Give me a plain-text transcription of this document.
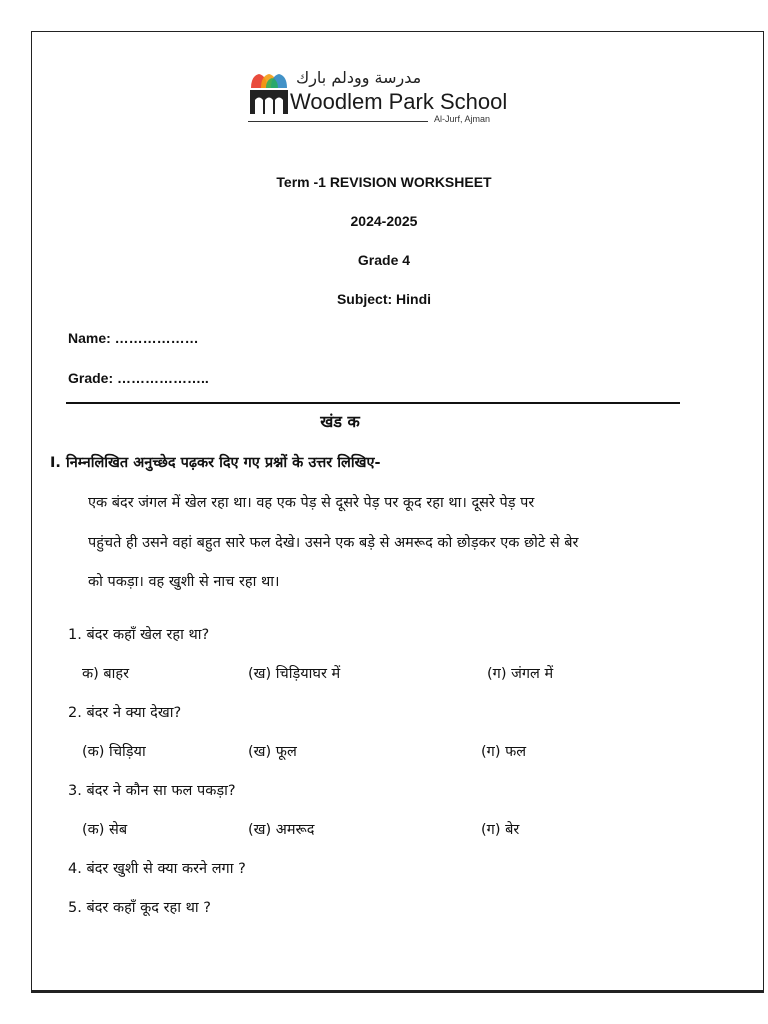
مدرسة وودلم بارك
Woodlem Park School
Al-Jurf, Ajman
Term -1 REVISION WORKSHEET
2024-2025
Grade 4
Subject: Hindi
Name: ………………
Grade: ………………..
खंड क
I. निम्नलिखित अनुच्छेद पढ़कर दिए गए प्रश्नों के उत्तर लिखिए-
एक बंदर जंगल में खेल रहा था। वह एक पेड़ से दूसरे पेड़ पर कूद रहा था। दूसरे पेड़ पर
पहुंचते ही उसने वहां बहुत सारे फल देखे। उसने एक बड़े से अमरूद को छोड़कर एक छोटे से बेर
को पकड़ा। वह खुशी से नाच रहा था।
1. बंदर कहाँ खेल रहा था?
क) बाहर	(ख) चिड़ियाघर में	(ग) जंगल में
2. बंदर ने क्या देखा?
(क) चिड़िया	(ख) फूल	(ग) फल
3. बंदर ने कौन सा फल पकड़ा?
(क) सेब	(ख) अमरूद	(ग) बेर
4. बंदर खुशी से क्या करने लगा ?
5. बंदर कहाँ कूद रहा था ?
